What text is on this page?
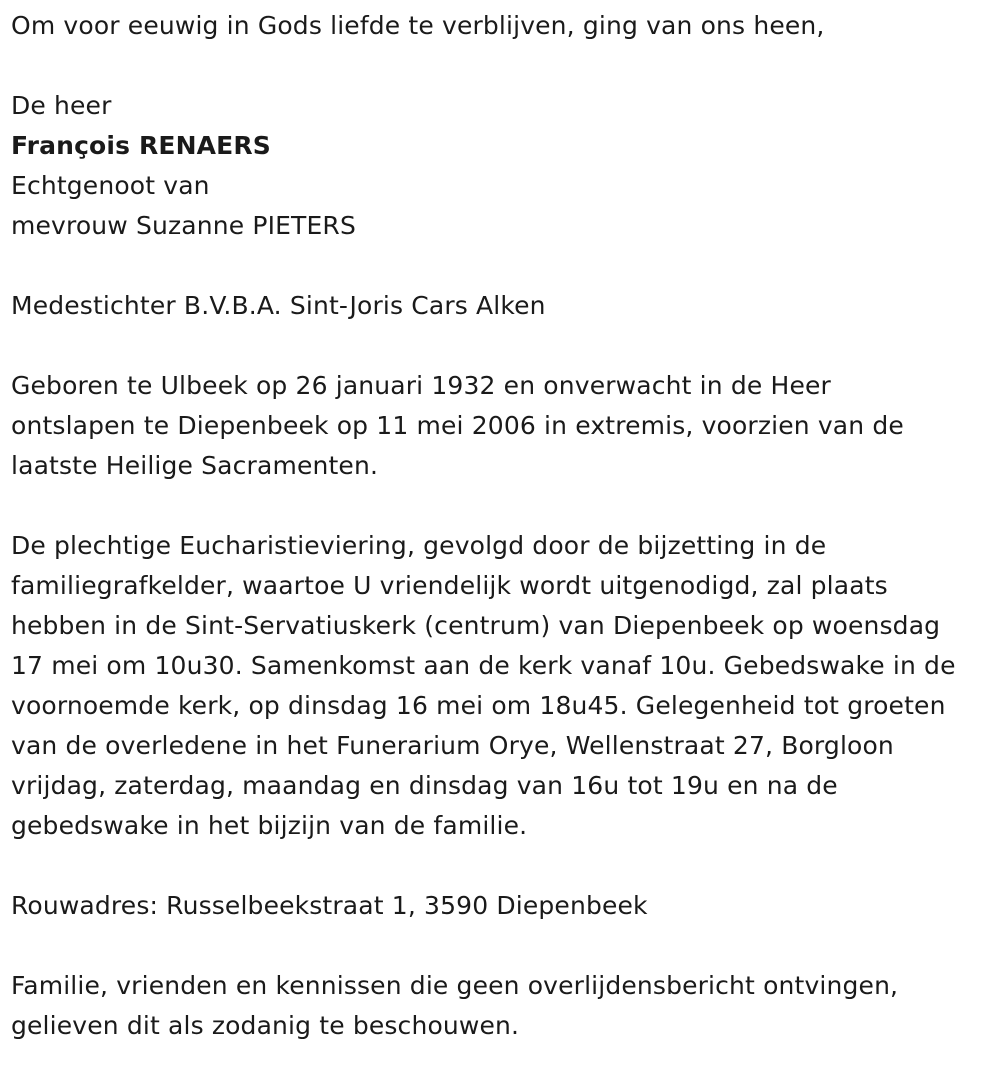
Om voor eeuwig in Gods liefde te verblijven, ging van ons heen,
De heer
François RENAERS
Echtgenoot van
mevrouw Suzanne PIETERS
Medestichter B.V.B.A. Sint-Joris Cars Alken
Geboren te Ulbeek op 26 januari 1932 en onverwacht in de Heer
ontslapen te Diepenbeek op 11 mei 2006 in extremis, voorzien van de
laatste Heilige Sacramenten.
De plechtige Eucharistieviering, gevolgd door de bijzetting in de
familiegrafkelder, waartoe U vriendelijk wordt uitgenodigd, zal plaats
hebben in de Sint-Servatiuskerk (centrum) van Diepenbeek op woensdag
17 mei om 10u30. Samenkomst aan de kerk vanaf 10u. Gebedswake in de
voornoemde kerk, op dinsdag 16 mei om 18u45. Gelegenheid tot groeten
van de overledene in het Funerarium Orye, Wellenstraat 27, Borgloon
vrijdag, zaterdag, maandag en dinsdag van 16u tot 19u en na de
gebedswake in het bijzijn van de familie.
Rouwadres: Russelbeekstraat 1, 3590 Diepenbeek
Familie, vrienden en kennissen die geen overlijdensbericht ontvingen,
gelieven dit als zodanig te beschouwen.
